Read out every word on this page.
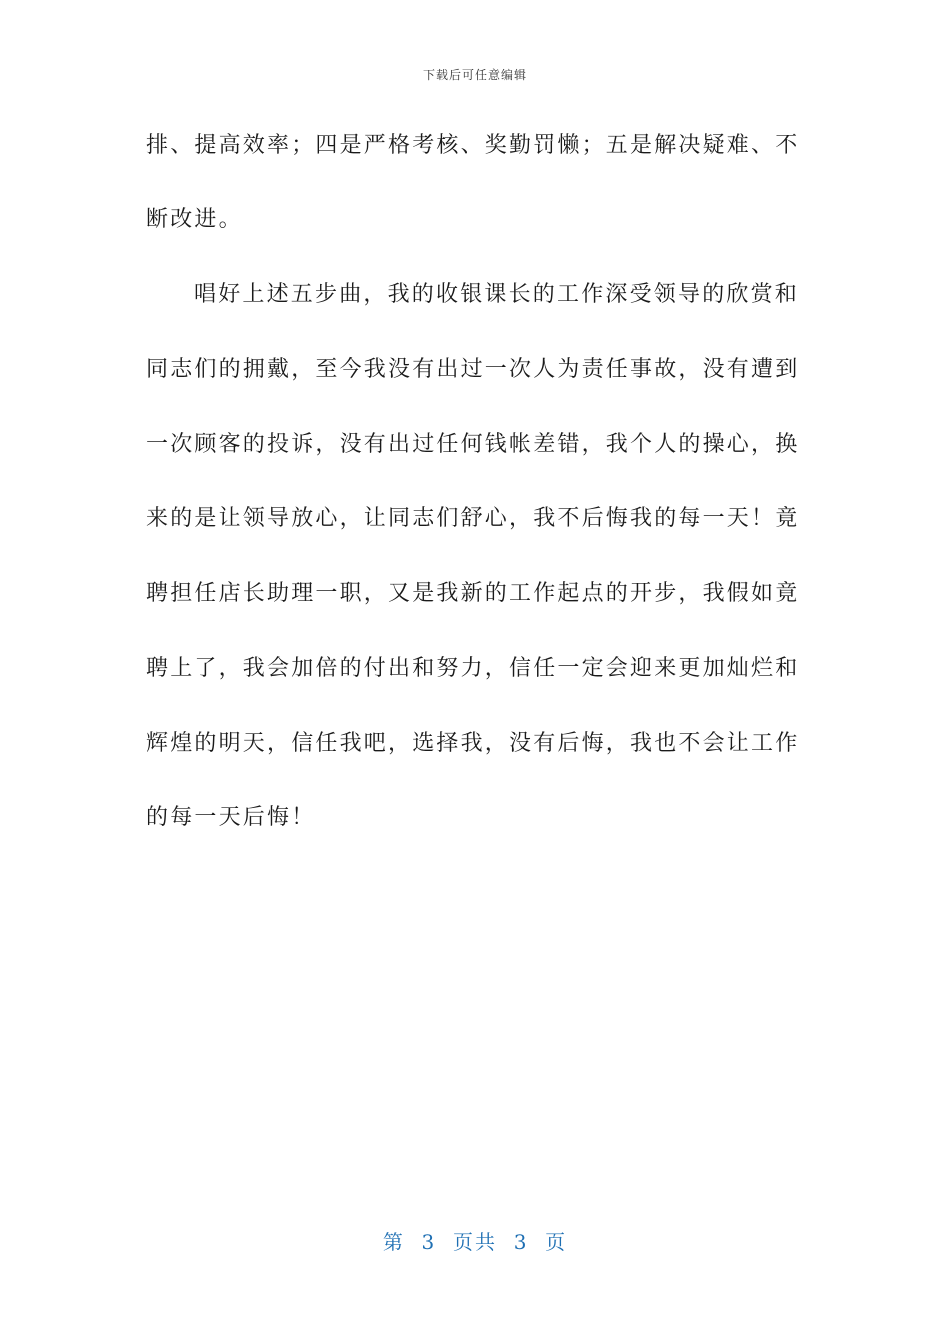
下载后可任意编辑
排、提高效率；四是严格考核、奖勤罚懒；五是解决疑难、不
断改进。
唱好上述五步曲，我的收银课长的工作深受领导的欣赏和
同志们的拥戴，至今我没有出过一次人为责任事故，没有遭到
一次顾客的投诉，没有出过任何钱帐差错，我个人的操心，换
来的是让领导放心，让同志们舒心，我不后悔我的每一天！竟
聘担任店长助理一职，又是我新的工作起点的开步，我假如竟
聘上了，我会加倍的付出和努力，信任一定会迎来更加灿烂和
辉煌的明天，信任我吧，选择我，没有后悔，我也不会让工作
的每一天后悔！
第  3  页共  3  页
